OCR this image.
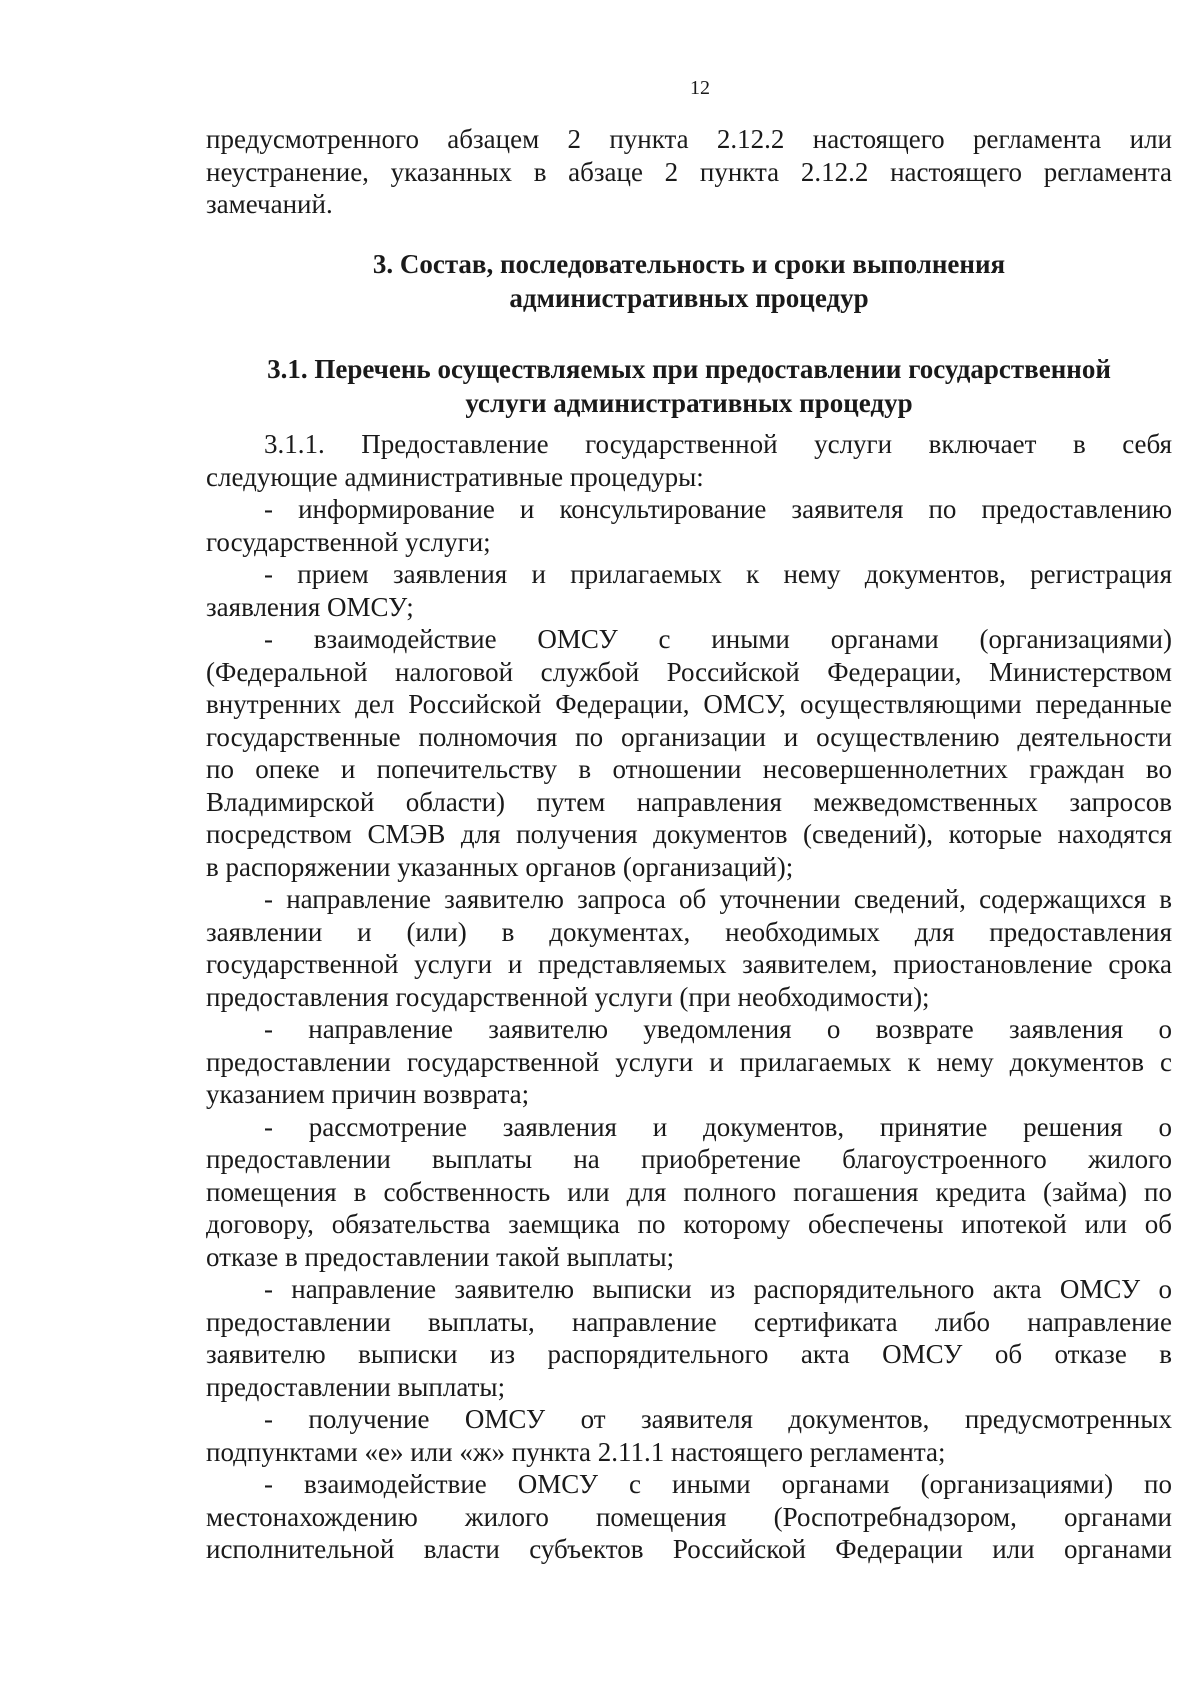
12
предусмотренного абзацем 2 пункта 2.12.2 настоящего регламента или
неустранение, указанных в абзаце 2 пункта 2.12.2 настоящего регламента
замечаний.
3. Состав, последовательность и сроки выполнения
административных процедур
3.1. Перечень осуществляемых при предоставлении государственной
услуги административных процедур
3.1.1. Предоставление государственной услуги включает в себя
следующие административные процедуры:
- информирование и консультирование заявителя по предоставлению
государственной услуги;
- прием заявления и прилагаемых к нему документов, регистрация
заявления ОМСУ;
- взаимодействие ОМСУ с иными органами (организациями)
(Федеральной налоговой службой Российской Федерации, Министерством
внутренних дел Российской Федерации, ОМСУ, осуществляющими переданные
государственные полномочия по организации и осуществлению деятельности
по опеке и попечительству в отношении несовершеннолетних граждан во
Владимирской области) путем направления межведомственных запросов
посредством СМЭВ для получения документов (сведений), которые находятся
в распоряжении указанных органов (организаций);
- направление заявителю запроса об уточнении сведений, содержащихся в
заявлении и (или) в документах, необходимых для предоставления
государственной услуги и представляемых заявителем, приостановление срока
предоставления государственной услуги (при необходимости);
- направление заявителю уведомления о возврате заявления о
предоставлении государственной услуги и прилагаемых к нему документов с
указанием причин возврата;
- рассмотрение заявления и документов, принятие решения о
предоставлении выплаты на приобретение благоустроенного жилого
помещения в собственность или для полного погашения кредита (займа) по
договору, обязательства заемщика по которому обеспечены ипотекой или об
отказе в предоставлении такой выплаты;
- направление заявителю выписки из распорядительного акта ОМСУ о
предоставлении выплаты, направление сертификата либо направление
заявителю выписки из распорядительного акта ОМСУ об отказе в
предоставлении выплаты;
- получение ОМСУ от заявителя документов, предусмотренных
подпунктами «е» или «ж» пункта 2.11.1 настоящего регламента;
- взаимодействие ОМСУ с иными органами (организациями) по
местонахождению жилого помещения (Роспотребнадзором, органами
исполнительной власти субъектов Российской Федерации или органами
